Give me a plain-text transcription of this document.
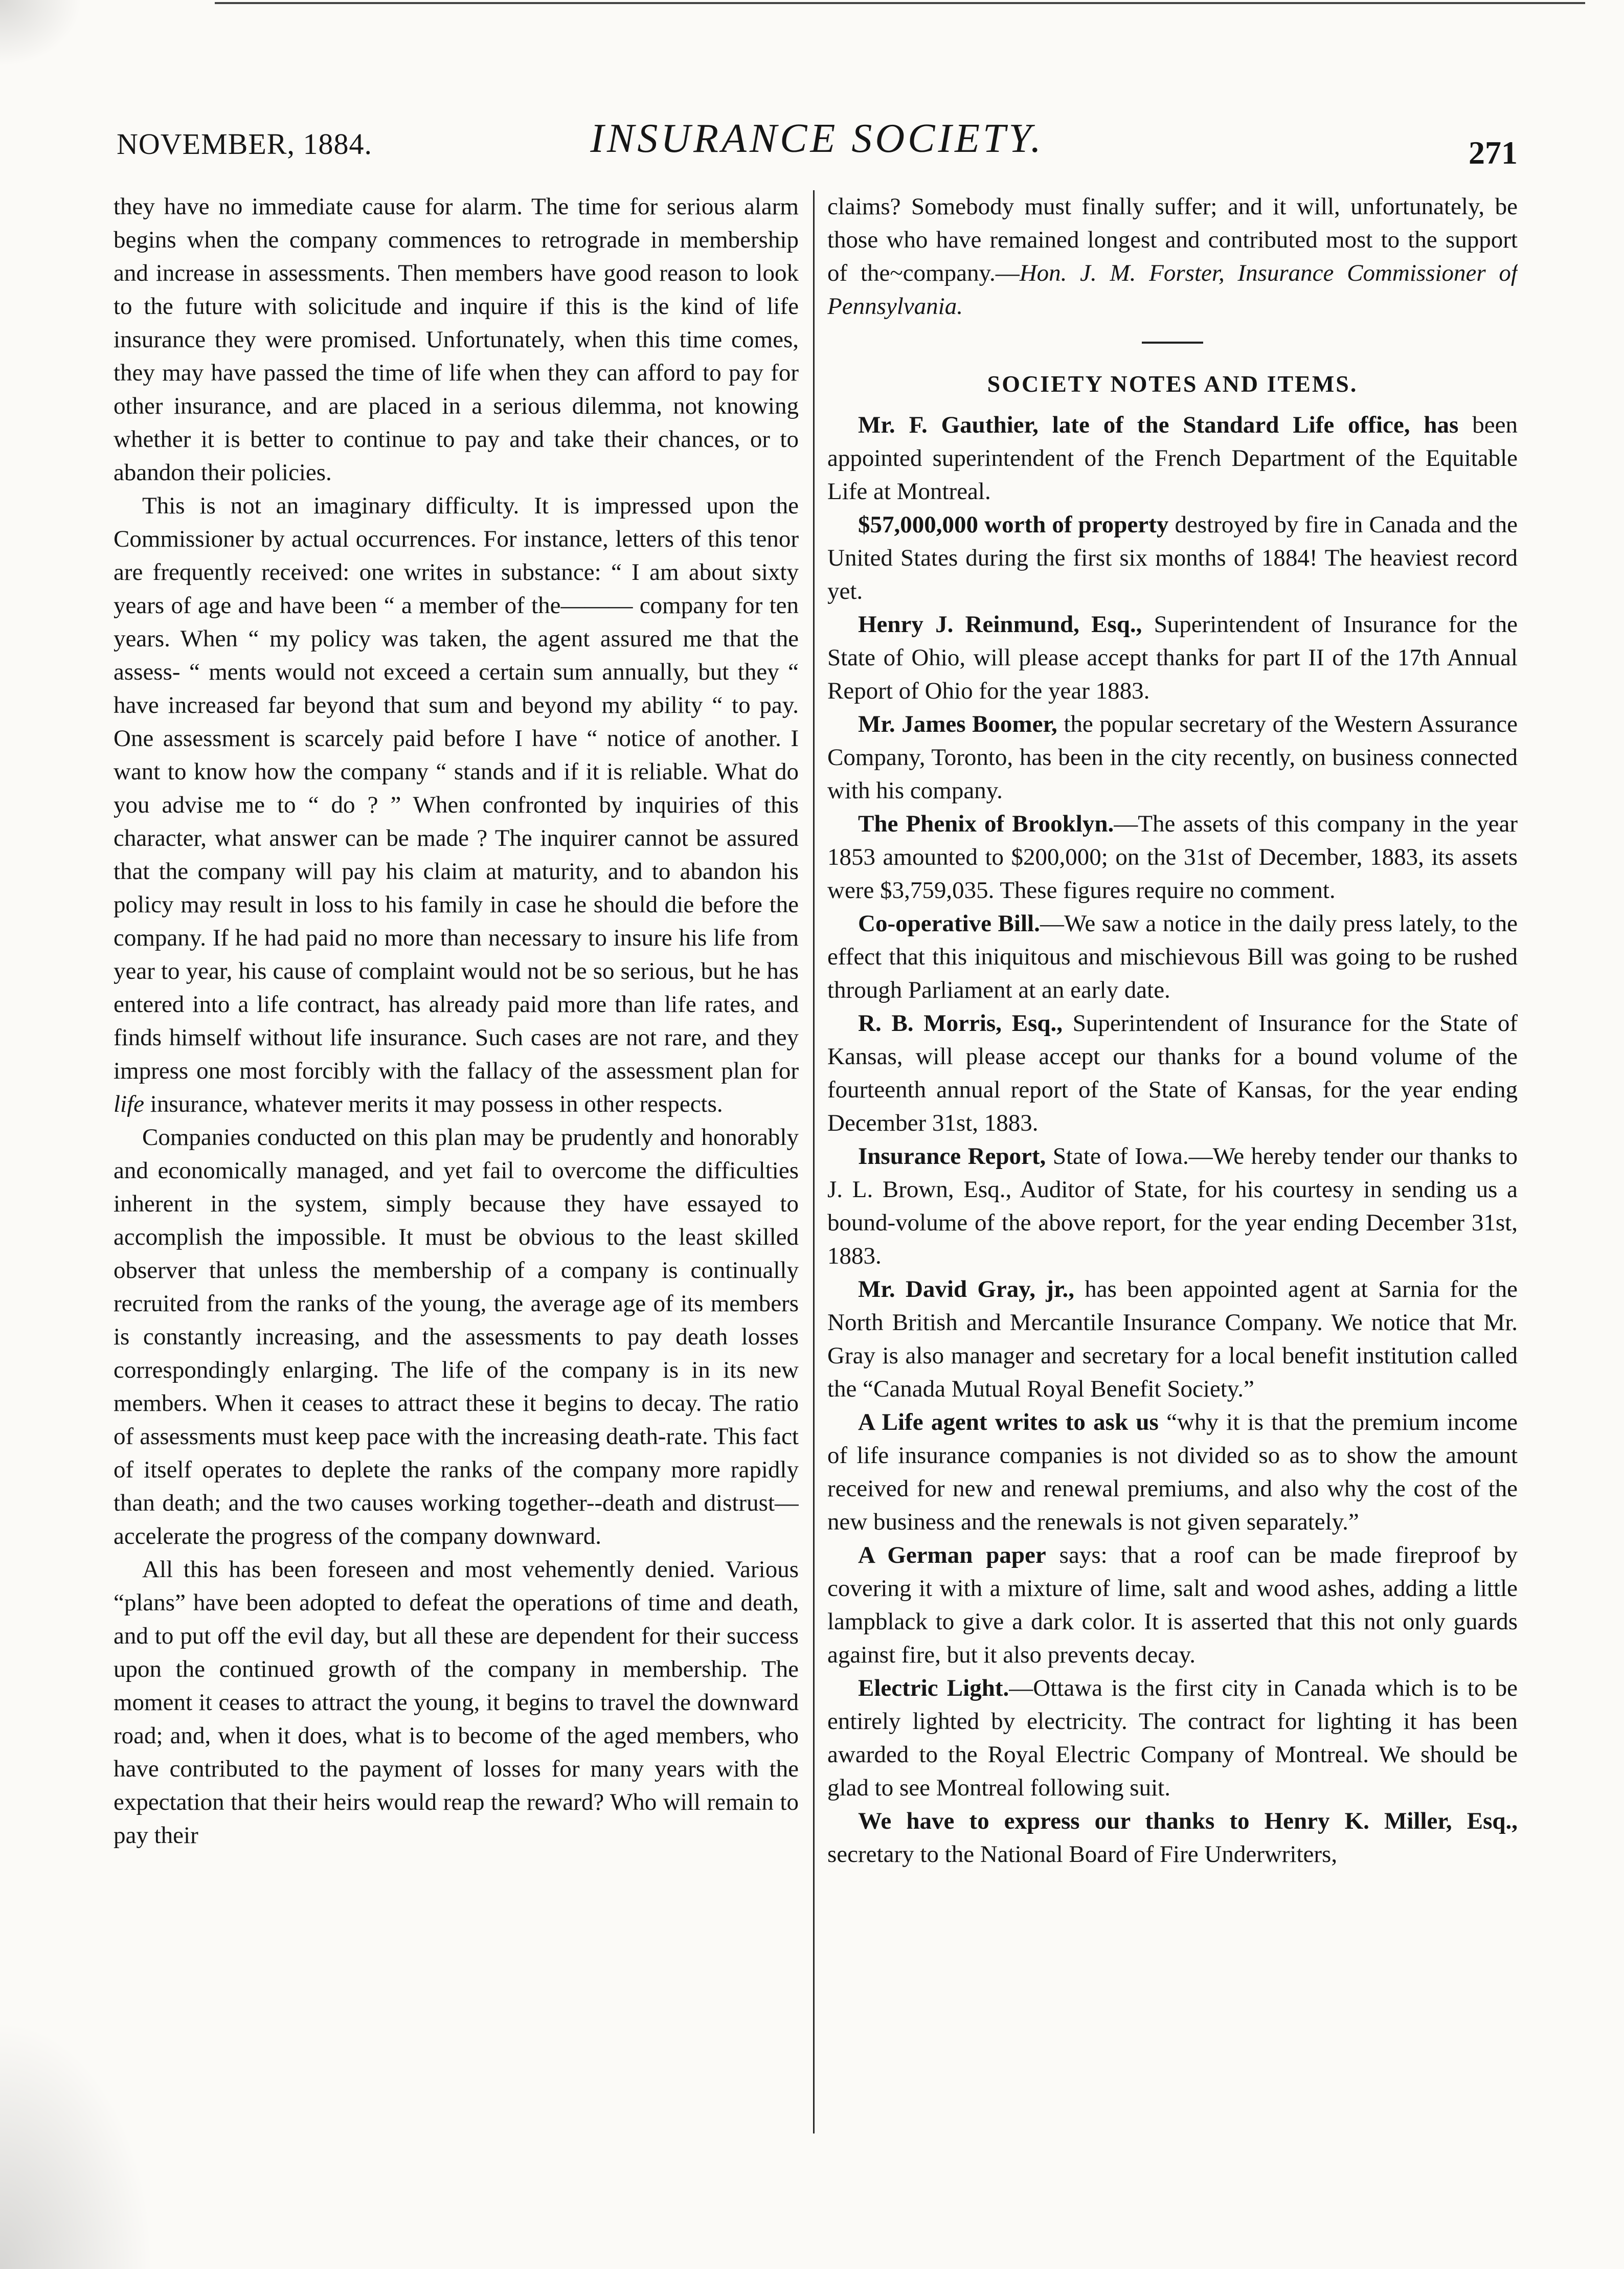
NOVEMBER, 1884.	INSURANCE SOCIETY.	271

they have no immediate cause for alarm. The time for serious alarm begins when the company commences to retrograde in membership and increase in assessments. Then members have good reason to look to the future with solicitude and inquire if this is the kind of life insurance they were promised. Unfortunately, when this time comes, they may have passed the time of life when they can afford to pay for other insurance, and are placed in a serious dilemma, not knowing whether it is better to continue to pay and take their chances, or to abandon their policies.

This is not an imaginary difficulty. It is impressed upon the Commissioner by actual occurrences. For instance, letters of this tenor are frequently received: one writes in substance: “ I am about sixty years of age and have been “ a member of the——— company for ten years. When “ my policy was taken, the agent assured me that the assess- “ ments would not exceed a certain sum annually, but they “ have increased far beyond that sum and beyond my ability “ to pay. One assessment is scarcely paid before I have “ notice of another. I want to know how the company “ stands and if it is reliable. What do you advise me to “ do ? ” When confronted by inquiries of this character, what answer can be made ? The inquirer cannot be assured that the company will pay his claim at maturity, and to abandon his policy may result in loss to his family in case he should die before the company. If he had paid no more than necessary to insure his life from year to year, his cause of complaint would not be so serious, but he has entered into a life contract, has already paid more than life rates, and finds himself without life insurance. Such cases are not rare, and they impress one most forcibly with the fallacy of the assessment plan for life insurance, whatever merits it may possess in other respects.

Companies conducted on this plan may be prudently and honorably and economically managed, and yet fail to overcome the difficulties inherent in the system, simply because they have essayed to accomplish the impossible. It must be obvious to the least skilled observer that unless the membership of a company is continually recruited from the ranks of the young, the average age of its members is constantly increasing, and the assessments to pay death losses correspondingly enlarging. The life of the company is in its new members. When it ceases to attract these it begins to decay. The ratio of assessments must keep pace with the increasing death-rate. This fact of itself operates to deplete the ranks of the company more rapidly than death; and the two causes working together--death and distrust—accelerate the progress of the company downward.

All this has been foreseen and most vehemently denied. Various “plans” have been adopted to defeat the operations of time and death, and to put off the evil day, but all these are dependent for their success upon the continued growth of the company in membership. The moment it ceases to attract the young, it begins to travel the downward road; and, when it does, what is to become of the aged members, who have contributed to the payment of losses for many years with the expectation that their heirs would reap the reward? Who will remain to pay their

claims? Somebody must finally suffer; and it will, unfortunately, be those who have remained longest and contributed most to the support of the~company.—Hon. J. M. Forster, Insurance Commissioner of Pennsylvania.

SOCIETY NOTES AND ITEMS.

Mr. F. Gauthier, late of the Standard Life office, has been appointed superintendent of the French Department of the Equitable Life at Montreal.

$57,000,000 worth of property destroyed by fire in Canada and the United States during the first six months of 1884! The heaviest record yet.

Henry J. Reinmund, Esq., Superintendent of Insurance for the State of Ohio, will please accept thanks for part II of the 17th Annual Report of Ohio for the year 1883.

Mr. James Boomer, the popular secretary of the Western Assurance Company, Toronto, has been in the city recently, on business connected with his company.

The Phenix of Brooklyn.—The assets of this company in the year 1853 amounted to $200,000; on the 31st of December, 1883, its assets were $3,759,035. These figures require no comment.

Co-operative Bill.—We saw a notice in the daily press lately, to the effect that this iniquitous and mischievous Bill was going to be rushed through Parliament at an early date.

R. B. Morris, Esq., Superintendent of Insurance for the State of Kansas, will please accept our thanks for a bound volume of the fourteenth annual report of the State of Kansas, for the year ending December 31st, 1883.

Insurance Report, State of Iowa.—We hereby tender our thanks to J. L. Brown, Esq., Auditor of State, for his courtesy in sending us a bound-volume of the above report, for the year ending December 31st, 1883.

Mr. David Gray, jr., has been appointed agent at Sarnia for the North British and Mercantile Insurance Company. We notice that Mr. Gray is also manager and secretary for a local benefit institution called the “Canada Mutual Royal Benefit Society.”

A Life agent writes to ask us “why it is that the premium income of life insurance companies is not divided so as to show the amount received for new and renewal premiums, and also why the cost of the new business and the renewals is not given separately.”

A German paper says: that a roof can be made fireproof by covering it with a mixture of lime, salt and wood ashes, adding a little lampblack to give a dark color. It is asserted that this not only guards against fire, but it also prevents decay.

Electric Light.—Ottawa is the first city in Canada which is to be entirely lighted by electricity. The contract for lighting it has been awarded to the Royal Electric Company of Montreal. We should be glad to see Montreal following suit.

We have to express our thanks to Henry K. Miller, Esq., secretary to the National Board of Fire Underwriters,
